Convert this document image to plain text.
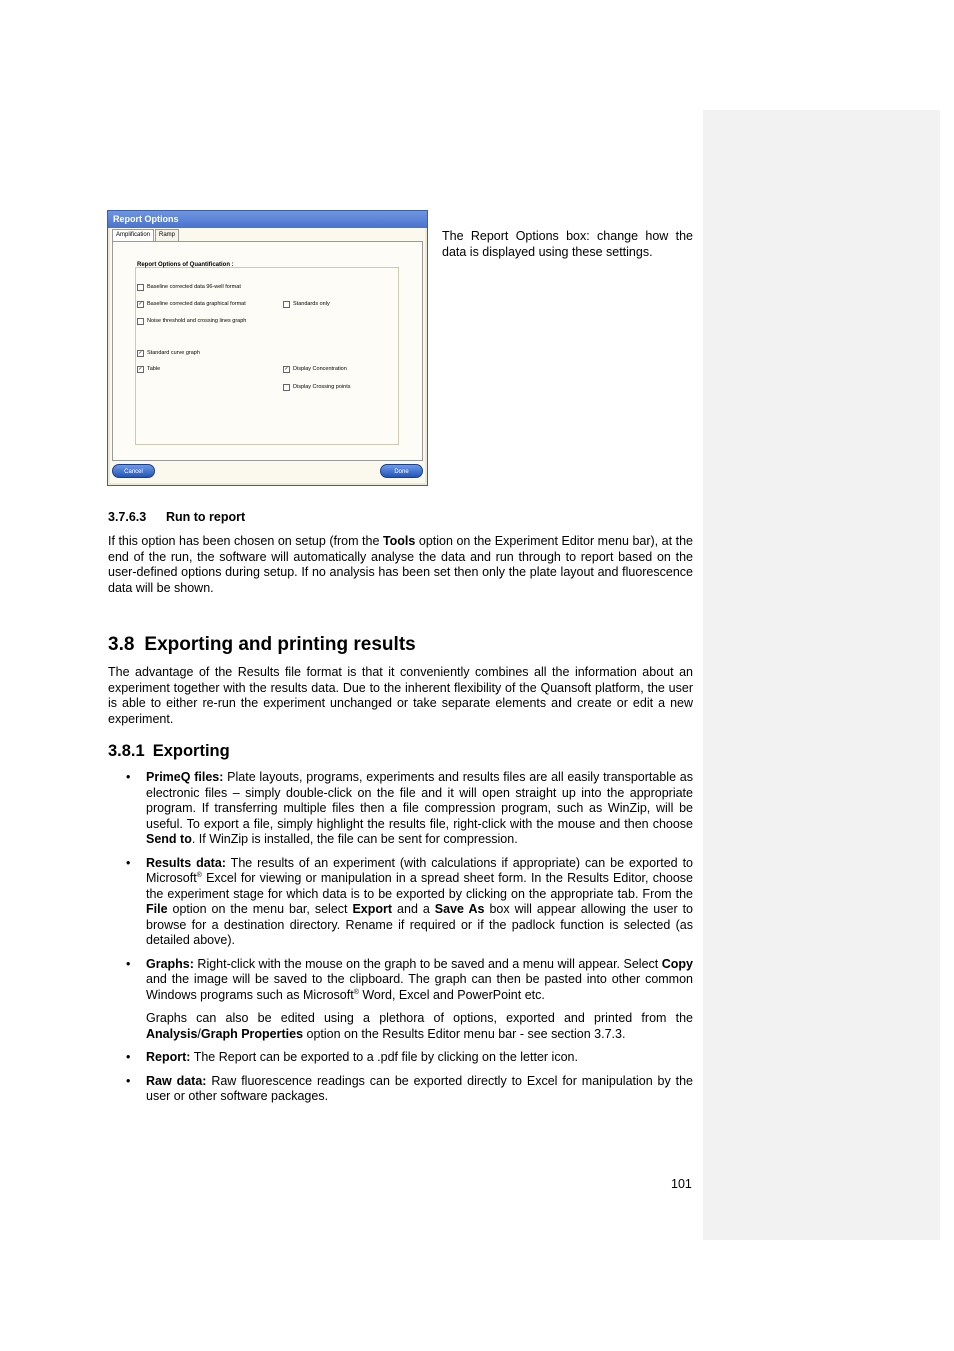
Report Options
Amplification	Ramp
Report Options of Quantification :
Baseline corrected data 96-well format
✓ Baseline corrected data graphical format	Standards only
Noise threshold and crossing lines graph
✓ Standard curve graph
✓ Table	✓ Display Concentration
Display Crossing points
Cancel	Done
The Report Options box: change how the data is displayed using these settings.
3.7.6.3 Run to report

If this option has been chosen on setup (from the Tools option on the Experiment Editor menu bar), at the end of the run, the software will automatically analyse the data and run through to report based on the user-defined options during setup. If no analysis has been set then only the plate layout and fluorescence data will be shown.

3.8 Exporting and printing results

The advantage of the Results file format is that it conveniently combines all the information about an experiment together with the results data. Due to the inherent flexibility of the Quansoft platform, the user is able to either re-run the experiment unchanged or take separate elements and create or edit a new experiment.

3.8.1 Exporting
• PrimeQ files: Plate layouts, programs, experiments and results files are all easily transportable as electronic files – simply double-click on the file and it will open straight up into the appropriate program. If transferring multiple files then a file compression program, such as WinZip, will be useful. To export a file, simply highlight the results file, right-click with the mouse and then choose Send to. If WinZip is installed, the file can be sent for compression.

• Results data: The results of an experiment (with calculations if appropriate) can be exported to Microsoft® Excel for viewing or manipulation in a spread sheet form. In the Results Editor, choose the experiment stage for which data is to be exported by clicking on the appropriate tab. From the File option on the menu bar, select Export and a Save As box will appear allowing the user to browse for a destination directory. Rename if required or if the padlock function is selected (as detailed above).

• Graphs: Right-click with the mouse on the graph to be saved and a menu will appear. Select Copy and the image will be saved to the clipboard. The graph can then be pasted into other common Windows programs such as Microsoft® Word, Excel and PowerPoint etc.

Graphs can also be edited using a plethora of options, exported and printed from the Analysis/Graph Properties option on the Results Editor menu bar - see section 3.7.3.

• Report: The Report can be exported to a .pdf file by clicking on the letter icon.

• Raw data: Raw fluorescence readings can be exported directly to Excel for manipulation by the user or other software packages.

101
